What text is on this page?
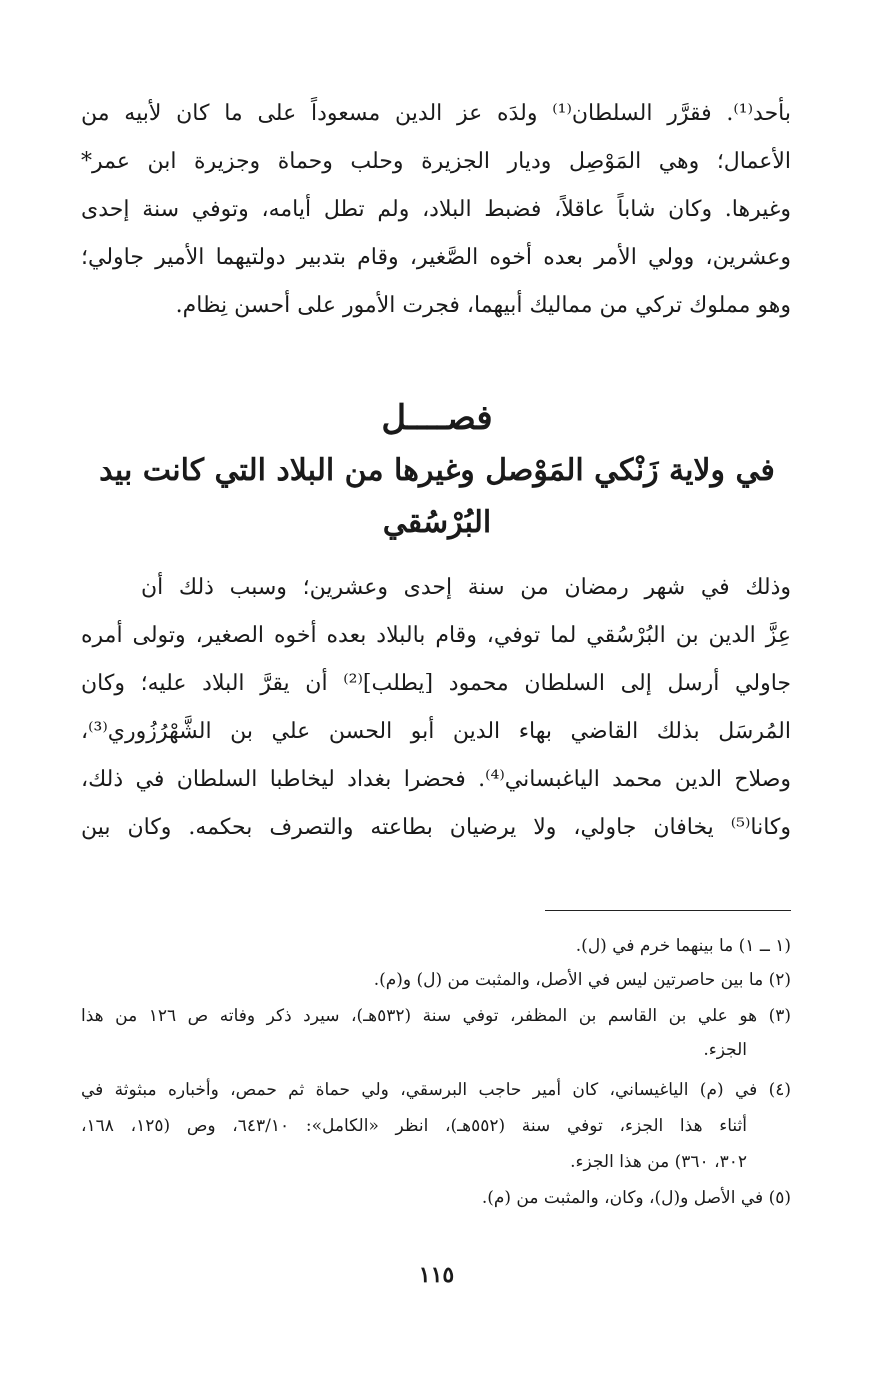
بأحد⁽¹⁾. فقرَّر السلطان⁽¹⁾ ولدَه عز الدين مسعوداً على ما كان لأبيه من
الأعمال؛ وهي المَوْصِل وديار الجزيرة وحلب وحماة وجزيرة ابن عمر*
وغيرها. وكان شاباً عاقلاً، فضبط البلاد، ولم تطل أيامه، وتوفي سنة إحدى
وعشرين، وولي الأمر بعده أخوه الصَّغير، وقام بتدبير دولتيهما الأمير جاولي؛
وهو مملوك تركي من مماليك أبيهما، فجرت الأمور على أحسن نِظام.
فصــــل
في ولاية زَنْكي المَوْصل وغيرها من البلاد التي كانت بيد
البُرْسُقي
وذلك في شهر رمضان من سنة إحدى وعشرين؛ وسبب ذلك أن
عِزَّ الدين بن البُرْسُقي لما توفي، وقام بالبلاد بعده أخوه الصغير، وتولى أمره
جاولي أرسل إلى السلطان محمود [يطلب]⁽²⁾ أن يقرَّ البلاد عليه؛ وكان
المُرسَل بذلك القاضي بهاء الدين أبو الحسن علي بن الشَّهْرُزُوري⁽³⁾،
وصلاح الدين محمد الياغبساني⁽⁴⁾. فحضرا بغداد ليخاطبا السلطان في ذلك،
وكانا⁽⁵⁾ يخافان جاولي، ولا يرضيان بطاعته والتصرف بحكمه. وكان بين
(١ ــ ١) ما بينهما خرم في (ل).
(٢) ما بين حاصرتين ليس في الأصل، والمثبت من (ل) و(م).
(٣) هو علي بن القاسم بن المظفر، توفي سنة (٥٣٢هـ)، سيرد ذكر وفاته ص ١٢٦ من هذا
الجزء.
(٤) في (م) الياغيساني، كان أمير حاجب البرسقي، ولي حماة ثم حمص، وأخباره مبثوثة في
أثناء هذا الجزء، توفي سنة (٥٥٢هـ)، انظر «الكامل»: ٦٤٣/١٠، وص (١٢٥، ١٦٨،
٣٠٢، ٣٦٠) من هذا الجزء.
(٥) في الأصل و(ل)، وكان، والمثبت من (م).
١١٥
